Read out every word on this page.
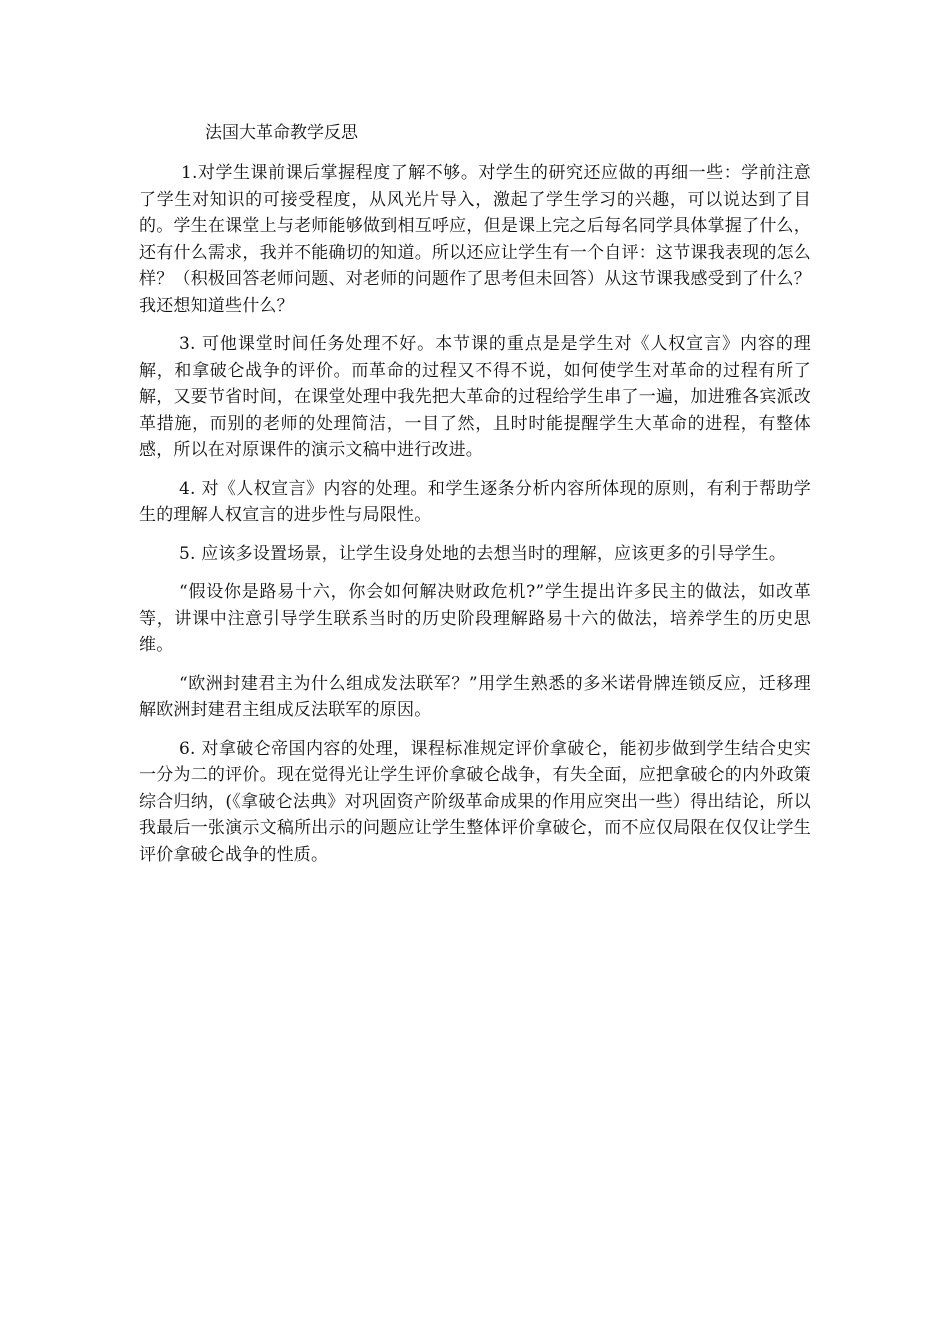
法国大革命教学反思

1.对学生课前课后掌握程度了解不够。对学生的研究还应做的再细一些：学前注意了学生对知识的可接受程度，从风光片导入，激起了学生学习的兴趣，可以说达到了目的。学生在课堂上与老师能够做到相互呼应，但是课上完之后每名同学具体掌握了什么，还有什么需求，我并不能确切的知道。所以还应让学生有一个自评：这节课我表现的怎么样？（积极回答老师问题、对老师的问题作了思考但未回答）从这节课我感受到了什么？我还想知道些什么？

3. 可他课堂时间任务处理不好。本节课的重点是是学生对《人权宣言》内容的理解，和拿破仑战争的评价。而革命的过程又不得不说，如何使学生对革命的过程有所了解，又要节省时间，在课堂处理中我先把大革命的过程给学生串了一遍，加进雅各宾派改革措施，而别的老师的处理简洁，一目了然，且时时能提醒学生大革命的进程，有整体感，所以在对原课件的演示文稿中进行改进。

4. 对《人权宣言》内容的处理。和学生逐条分析内容所体现的原则，有利于帮助学生的理解人权宣言的进步性与局限性。

5. 应该多设置场景，让学生设身处地的去想当时的理解，应该更多的引导学生。

“假设你是路易十六，你会如何解决财政危机?”学生提出许多民主的做法，如改革等，讲课中注意引导学生联系当时的历史阶段理解路易十六的做法，培养学生的历史思维。

“欧洲封建君主为什么组成发法联军？”用学生熟悉的多米诺骨牌连锁反应，迁移理解欧洲封建君主组成反法联军的原因。

6. 对拿破仑帝国内容的处理，课程标准规定评价拿破仑，能初步做到学生结合史实一分为二的评价。现在觉得光让学生评价拿破仑战争，有失全面，应把拿破仑的内外政策综合归纳，(《拿破仑法典》对巩固资产阶级革命成果的作用应突出一些）得出结论，所以我最后一张演示文稿所出示的问题应让学生整体评价拿破仑，而不应仅局限在仅仅让学生评价拿破仑战争的性质。
